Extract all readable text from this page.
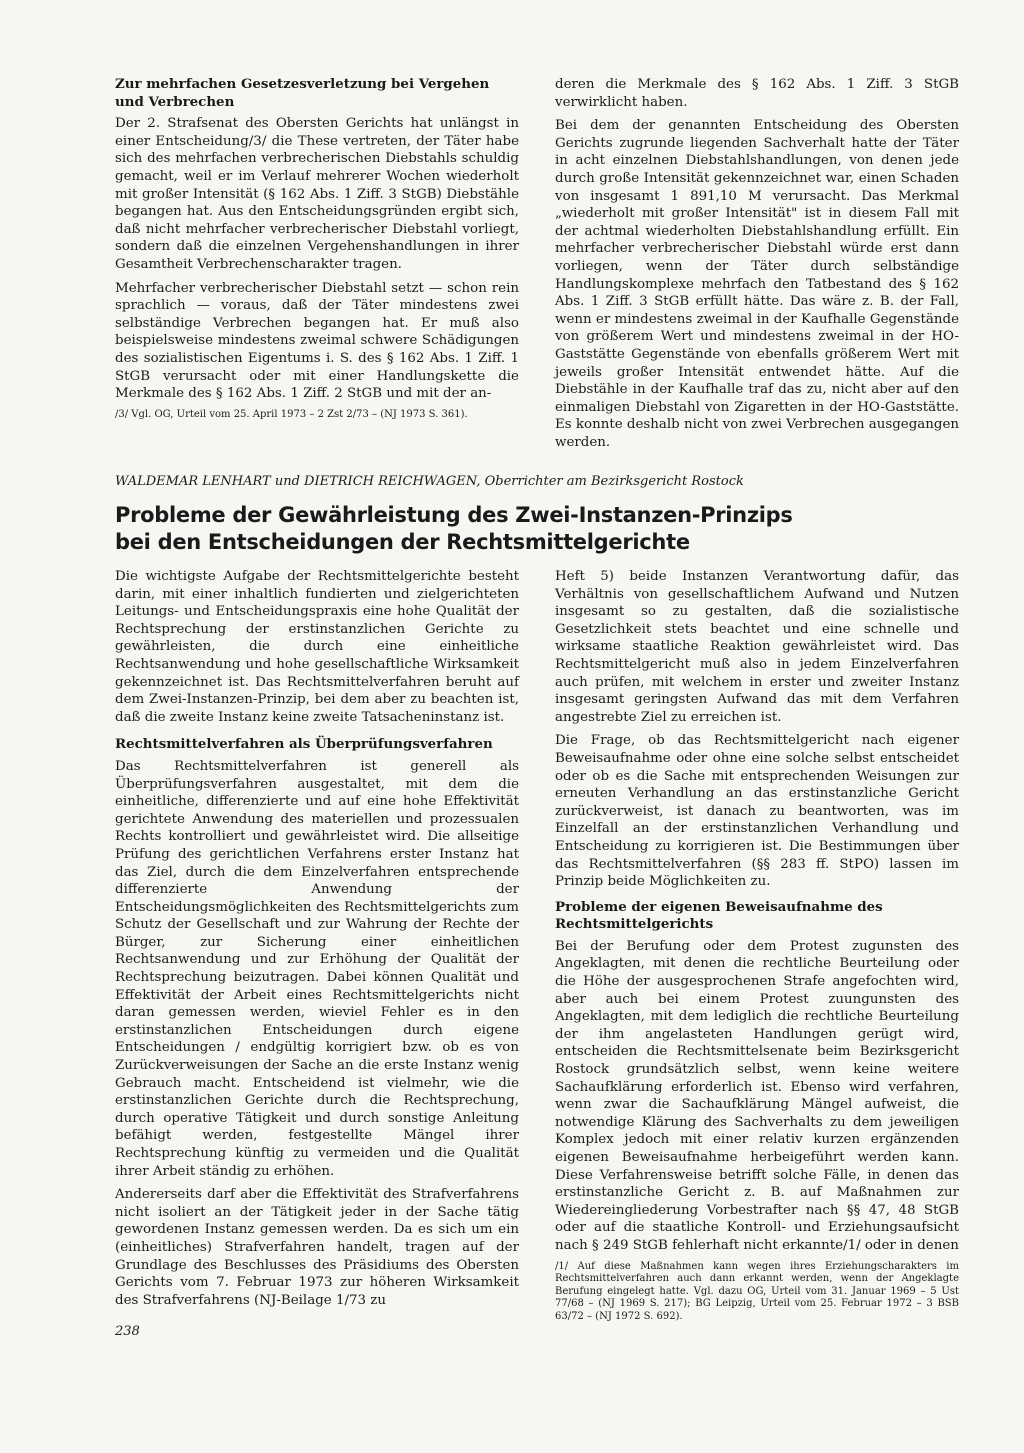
Zur mehrfachen Gesetzesverletzung bei Vergehen und Verbrechen

Der 2. Strafsenat des Obersten Gerichts hat unlängst in einer Entscheidung/3/ die These vertreten, der Täter habe sich des mehrfachen verbrecherischen Diebstahls schuldig gemacht, weil er im Verlauf mehrerer Wochen wiederholt mit großer Intensität (§ 162 Abs. 1 Ziff. 3 StGB) Diebstähle begangen hat. Aus den Entscheidungsgründen ergibt sich, daß nicht mehrfacher verbrecherischer Diebstahl vorliegt, sondern daß die einzelnen Vergehenshandlungen in ihrer Gesamtheit Verbrechenscharakter tragen.

Mehrfacher verbrecherischer Diebstahl setzt — schon rein sprachlich — voraus, daß der Täter mindestens zwei selbständige Verbrechen begangen hat. Er muß also beispielsweise mindestens zweimal schwere Schädigungen des sozialistischen Eigentums i. S. des § 162 Abs. 1 Ziff. 1 StGB verursacht oder mit einer Handlungskette die Merkmale des § 162 Abs. 1 Ziff. 2 StGB und mit der an-

/3/ Vgl. OG, Urteil vom 25. April 1973 – 2 Zst 2/73 – (NJ 1973 S. 361).

deren die Merkmale des § 162 Abs. 1 Ziff. 3 StGB verwirklicht haben.

Bei dem der genannten Entscheidung des Obersten Gerichts zugrunde liegenden Sachverhalt hatte der Täter in acht einzelnen Diebstahlshandlungen, von denen jede durch große Intensität gekennzeichnet war, einen Schaden von insgesamt 1 891,10 M verursacht. Das Merkmal „wiederholt mit großer Intensität" ist in diesem Fall mit der achtmal wiederholten Diebstahlshandlung erfüllt. Ein mehrfacher verbrecherischer Diebstahl würde erst dann vorliegen, wenn der Täter durch selbständige Handlungskomplexe mehrfach den Tatbestand des § 162 Abs. 1 Ziff. 3 StGB erfüllt hätte. Das wäre z. B. der Fall, wenn er mindestens zweimal in der Kaufhalle Gegenstände von größerem Wert und mindestens zweimal in der HO-Gaststätte Gegenstände von ebenfalls größerem Wert mit jeweils großer Intensität entwendet hätte. Auf die Diebstähle in der Kaufhalle traf das zu, nicht aber auf den einmaligen Diebstahl von Zigaretten in der HO-Gaststätte. Es konnte deshalb nicht von zwei Verbrechen ausgegangen werden.

WALDEMAR LENHART und DIETRICH REICHWAGEN, Oberrichter am Bezirksgericht Rostock
Probleme der Gewährleistung des Zwei-Instanzen-Prinzips
bei den Entscheidungen der Rechtsmittelgerichte

Die wichtigste Aufgabe der Rechtsmittelgerichte besteht darin, mit einer inhaltlich fundierten und zielgerichteten Leitungs- und Entscheidungspraxis eine hohe Qualität der Rechtsprechung der erstinstanzlichen Gerichte zu gewährleisten, die durch eine einheitliche Rechtsanwendung und hohe gesellschaftliche Wirksamkeit gekennzeichnet ist. Das Rechtsmittelverfahren beruht auf dem Zwei-Instanzen-Prinzip, bei dem aber zu beachten ist, daß die zweite Instanz keine zweite Tatsacheninstanz ist.

Rechtsmittelverfahren als Überprüfungsverfahren

Das Rechtsmittelverfahren ist generell als Überprüfungsverfahren ausgestaltet, mit dem die einheitliche, differenzierte und auf eine hohe Effektivität gerichtete Anwendung des materiellen und prozessualen Rechts kontrolliert und gewährleistet wird. Die allseitige Prüfung des gerichtlichen Verfahrens erster Instanz hat das Ziel, durch die dem Einzelverfahren entsprechende differenzierte Anwendung der Entscheidungsmöglichkeiten des Rechtsmittelgerichts zum Schutz der Gesellschaft und zur Wahrung der Rechte der Bürger, zur Sicherung einer einheitlichen Rechtsanwendung und zur Erhöhung der Qualität der Rechtsprechung beizutragen. Dabei können Qualität und Effektivität der Arbeit eines Rechtsmittelgerichts nicht daran gemessen werden, wieviel Fehler es in den erstinstanzlichen Entscheidungen durch eigene Entscheidungen / endgültig korrigiert bzw. ob es von Zurückverweisungen der Sache an die erste Instanz wenig Gebrauch macht. Entscheidend ist vielmehr, wie die erstinstanzlichen Gerichte durch die Rechtsprechung, durch operative Tätigkeit und durch sonstige Anleitung befähigt werden, festgestellte Mängel ihrer Rechtsprechung künftig zu vermeiden und die Qualität ihrer Arbeit ständig zu erhöhen.

Andererseits darf aber die Effektivität des Strafverfahrens nicht isoliert an der Tätigkeit jeder in der Sache tätig gewordenen Instanz gemessen werden. Da es sich um ein (einheitliches) Strafverfahren handelt, tragen auf der Grundlage des Beschlusses des Präsidiums des Obersten Gerichts vom 7. Februar 1973 zur höheren Wirksamkeit des Strafverfahrens (NJ-Beilage 1/73 zu

Heft 5) beide Instanzen Verantwortung dafür, das Verhältnis von gesellschaftlichem Aufwand und Nutzen insgesamt so zu gestalten, daß die sozialistische Gesetzlichkeit stets beachtet und eine schnelle und wirksame staatliche Reaktion gewährleistet wird. Das Rechtsmittelgericht muß also in jedem Einzelverfahren auch prüfen, mit welchem in erster und zweiter Instanz insgesamt geringsten Aufwand das mit dem Verfahren angestrebte Ziel zu erreichen ist.

Die Frage, ob das Rechtsmittelgericht nach eigener Beweisaufnahme oder ohne eine solche selbst entscheidet oder ob es die Sache mit entsprechenden Weisungen zur erneuten Verhandlung an das erstinstanzliche Gericht zurückverweist, ist danach zu beantworten, was im Einzelfall an der erstinstanzlichen Verhandlung und Entscheidung zu korrigieren ist. Die Bestimmungen über das Rechtsmittelverfahren (§§ 283 ff. StPO) lassen im Prinzip beide Möglichkeiten zu.

Probleme der eigenen Beweisaufnahme des Rechtsmittelgerichts

Bei der Berufung oder dem Protest zugunsten des Angeklagten, mit denen die rechtliche Beurteilung oder die Höhe der ausgesprochenen Strafe angefochten wird, aber auch bei einem Protest zuungunsten des Angeklagten, mit dem lediglich die rechtliche Beurteilung der ihm angelasteten Handlungen gerügt wird, entscheiden die Rechtsmittelsenate beim Bezirksgericht Rostock grundsätzlich selbst, wenn keine weitere Sachaufklärung erforderlich ist. Ebenso wird verfahren, wenn zwar die Sachaufklärung Mängel aufweist, die notwendige Klärung des Sachverhalts zu dem jeweiligen Komplex jedoch mit einer relativ kurzen ergänzenden eigenen Beweisaufnahme herbeigeführt werden kann. Diese Verfahrensweise betrifft solche Fälle, in denen das erstinstanzliche Gericht z. B. auf Maßnahmen zur Wiedereingliederung Vorbestrafter nach §§ 47, 48 StGB oder auf die staatliche Kontroll- und Erziehungsaufsicht nach § 249 StGB fehlerhaft nicht erkannte/1/ oder in denen

/1/ Auf diese Maßnahmen kann wegen ihres Erziehungscharakters im Rechtsmittelverfahren auch dann erkannt werden, wenn der Angeklagte Berufung eingelegt hatte. Vgl. dazu OG, Urteil vom 31. Januar 1969 – 5 Ust 77/68 – (NJ 1969 S. 217); BG Leipzig, Urteil vom 25. Februar 1972 – 3 BSB 63/72 – (NJ 1972 S. 692).

238
